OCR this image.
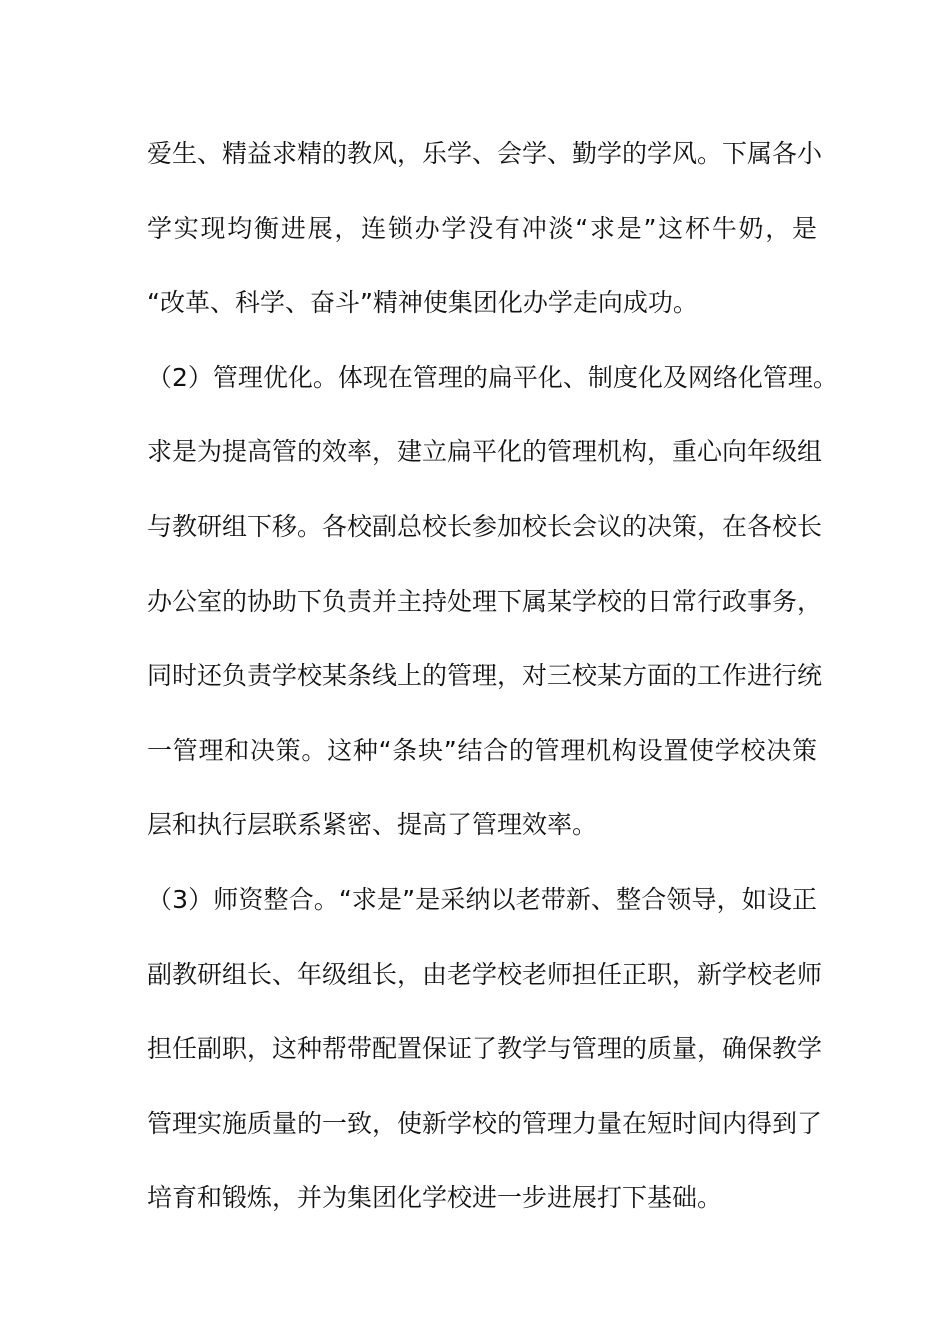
爱生、精益求精的教风，乐学、会学、勤学的学风。下属各小
学实现均衡进展，连锁办学没有冲淡“求是”这杯牛奶，是
“改革、科学、奋斗”精神使集团化办学走向成功。
（2）管理优化。体现在管理的扁平化、制度化及网络化管理。
求是为提高管的效率，建立扁平化的管理机构，重心向年级组
与教研组下移。各校副总校长参加校长会议的决策，在各校长
办公室的协助下负责并主持处理下属某学校的日常行政事务，
同时还负责学校某条线上的管理，对三校某方面的工作进行统
一管理和决策。这种“条块”结合的管理机构设置使学校决策
层和执行层联系紧密、提高了管理效率。
（3）师资整合。“求是”是采纳以老带新、整合领导，如设正
副教研组长、年级组长，由老学校老师担任正职，新学校老师
担任副职，这种帮带配置保证了教学与管理的质量，确保教学
管理实施质量的一致，使新学校的管理力量在短时间内得到了
培育和锻炼，并为集团化学校进一步进展打下基础。
